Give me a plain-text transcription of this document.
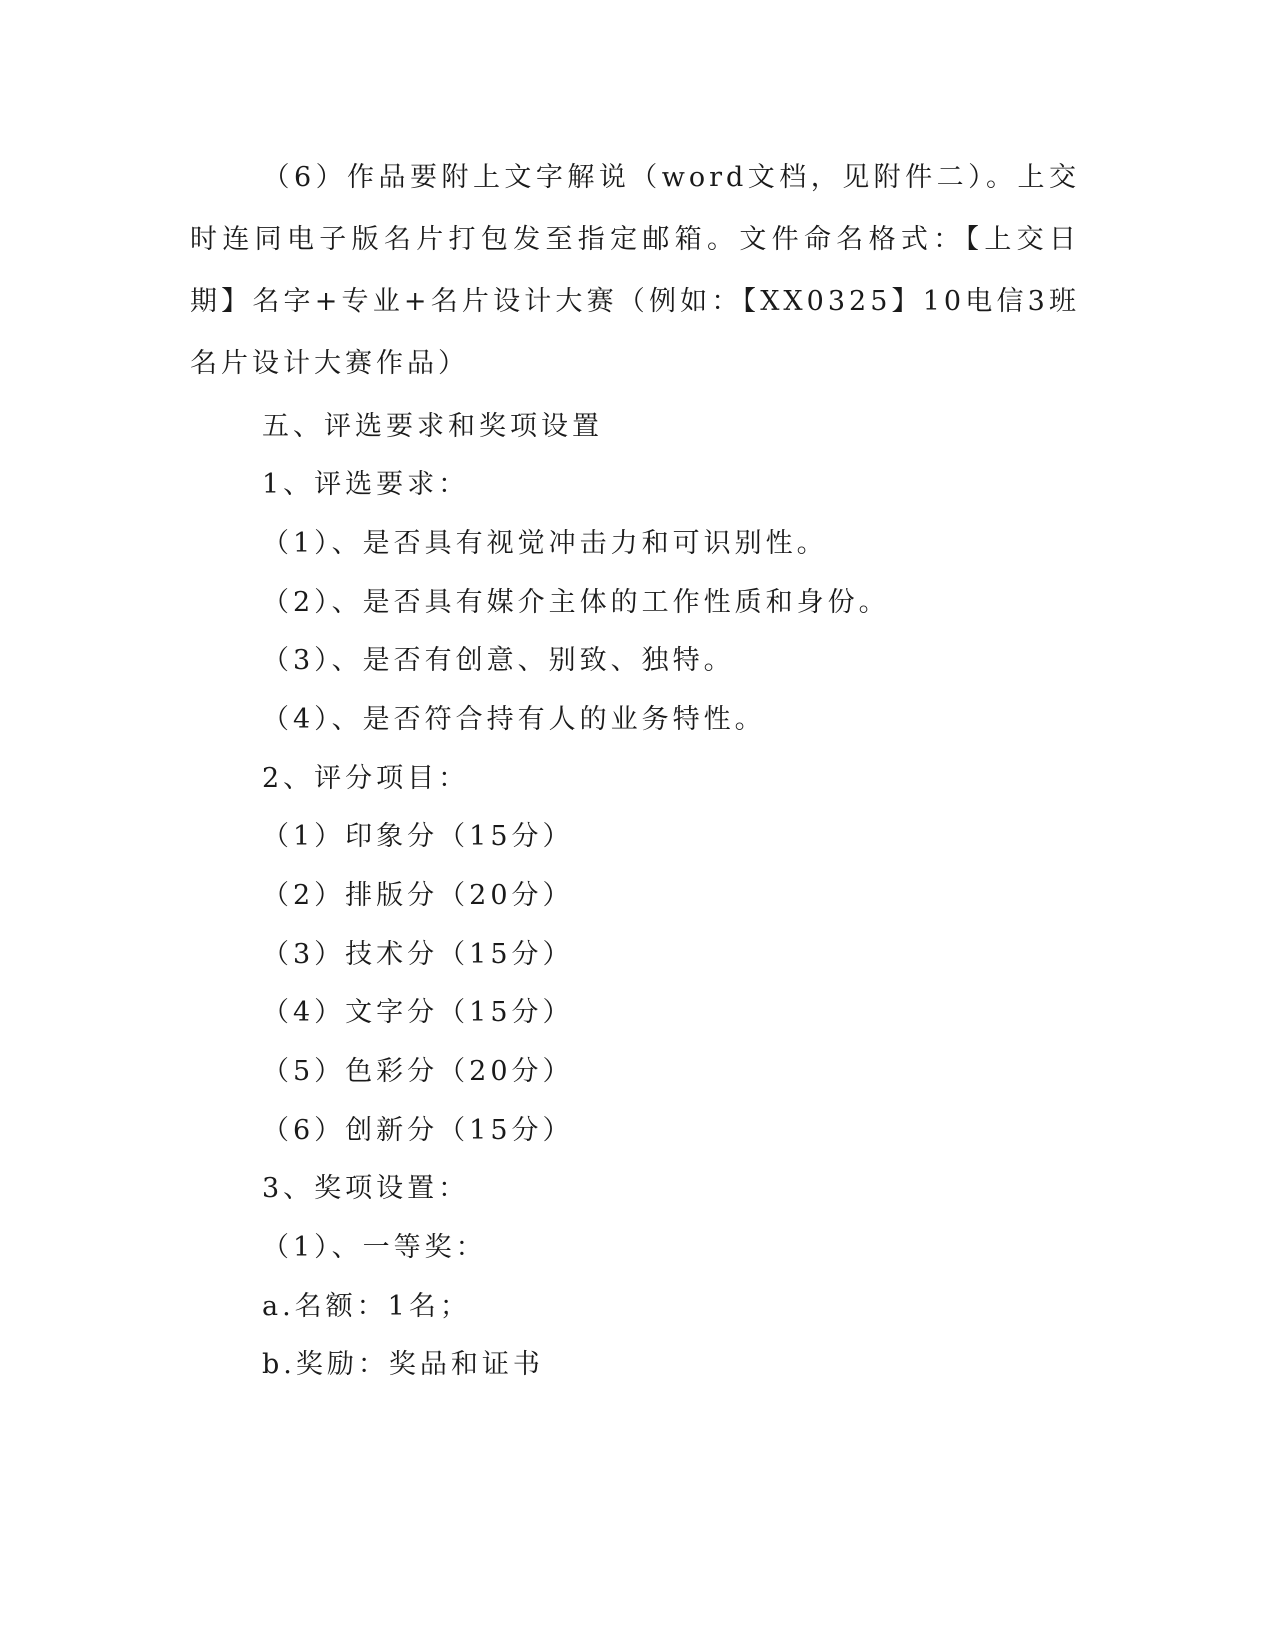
（6）作品要附上文字解说（word文档，见附件二）。上交时连同电子版名片打包发至指定邮箱。文件命名格式：【上交日期】名字+专业+名片设计大赛（例如：【XX0325】10电信3班名片设计大赛作品）
五、评选要求和奖项设置
1、评选要求：
（1）、是否具有视觉冲击力和可识别性。
（2）、是否具有媒介主体的工作性质和身份。
（3）、是否有创意、别致、独特。
（4）、是否符合持有人的业务特性。
2、评分项目：
（1）印象分（15分）
（2）排版分（20分）
（3）技术分（15分）
（4）文字分（15分）
（5）色彩分（20分）
（6）创新分（15分）
3、奖项设置：
（1）、一等奖：
a.名额：1名；
b.奖励：奖品和证书
